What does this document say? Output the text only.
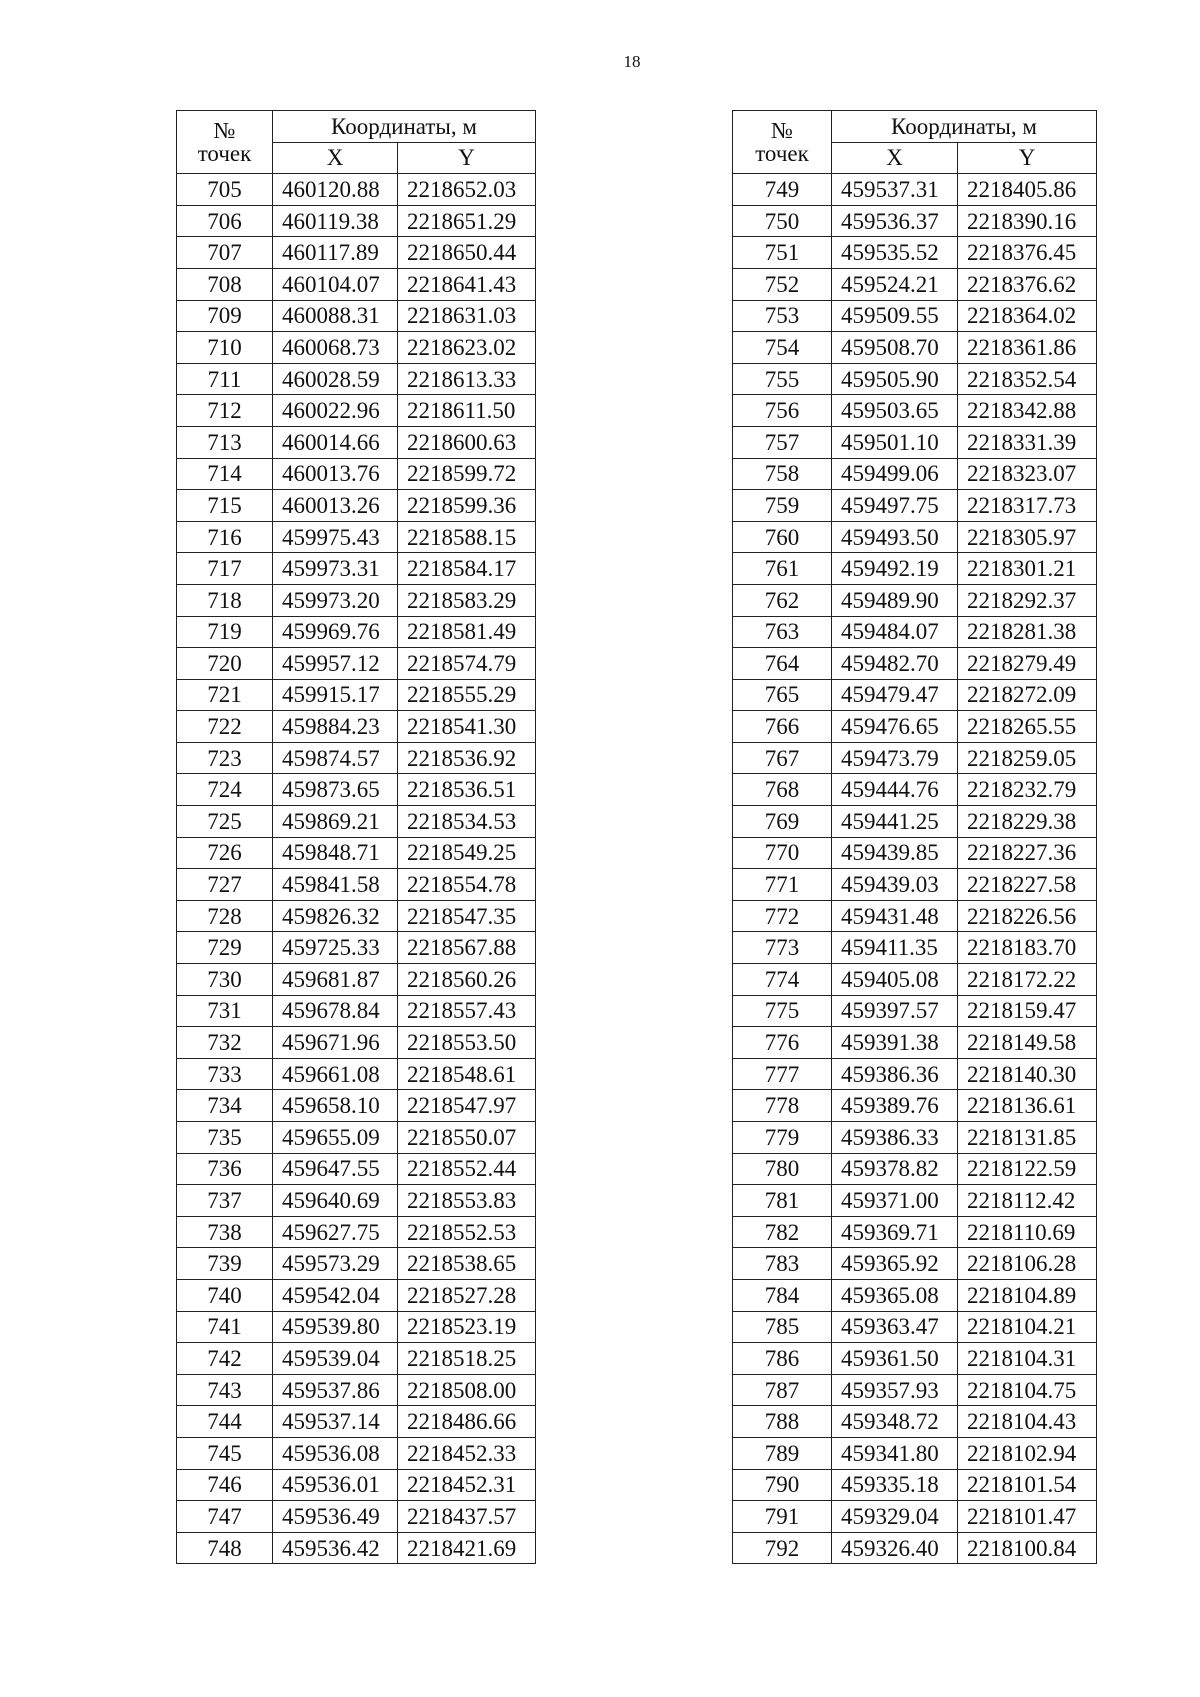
18
№
точек	Координаты, м	
	X	Y
705	460120.88	2218652.03
706	460119.38	2218651.29
707	460117.89	2218650.44
708	460104.07	2218641.43
709	460088.31	2218631.03
710	460068.73	2218623.02
711	460028.59	2218613.33
712	460022.96	2218611.50
713	460014.66	2218600.63
714	460013.76	2218599.72
715	460013.26	2218599.36
716	459975.43	2218588.15
717	459973.31	2218584.17
718	459973.20	2218583.29
719	459969.76	2218581.49
720	459957.12	2218574.79
721	459915.17	2218555.29
722	459884.23	2218541.30
723	459874.57	2218536.92
724	459873.65	2218536.51
725	459869.21	2218534.53
726	459848.71	2218549.25
727	459841.58	2218554.78
728	459826.32	2218547.35
729	459725.33	2218567.88
730	459681.87	2218560.26
731	459678.84	2218557.43
732	459671.96	2218553.50
733	459661.08	2218548.61
734	459658.10	2218547.97
735	459655.09	2218550.07
736	459647.55	2218552.44
737	459640.69	2218553.83
738	459627.75	2218552.53
739	459573.29	2218538.65
740	459542.04	2218527.28
741	459539.80	2218523.19
742	459539.04	2218518.25
743	459537.86	2218508.00
744	459537.14	2218486.66
745	459536.08	2218452.33
746	459536.01	2218452.31
747	459536.49	2218437.57
748	459536.42	2218421.69
№
точек	Координаты, м	
	X	Y
749	459537.31	2218405.86
750	459536.37	2218390.16
751	459535.52	2218376.45
752	459524.21	2218376.62
753	459509.55	2218364.02
754	459508.70	2218361.86
755	459505.90	2218352.54
756	459503.65	2218342.88
757	459501.10	2218331.39
758	459499.06	2218323.07
759	459497.75	2218317.73
760	459493.50	2218305.97
761	459492.19	2218301.21
762	459489.90	2218292.37
763	459484.07	2218281.38
764	459482.70	2218279.49
765	459479.47	2218272.09
766	459476.65	2218265.55
767	459473.79	2218259.05
768	459444.76	2218232.79
769	459441.25	2218229.38
770	459439.85	2218227.36
771	459439.03	2218227.58
772	459431.48	2218226.56
773	459411.35	2218183.70
774	459405.08	2218172.22
775	459397.57	2218159.47
776	459391.38	2218149.58
777	459386.36	2218140.30
778	459389.76	2218136.61
779	459386.33	2218131.85
780	459378.82	2218122.59
781	459371.00	2218112.42
782	459369.71	2218110.69
783	459365.92	2218106.28
784	459365.08	2218104.89
785	459363.47	2218104.21
786	459361.50	2218104.31
787	459357.93	2218104.75
788	459348.72	2218104.43
789	459341.80	2218102.94
790	459335.18	2218101.54
791	459329.04	2218101.47
792	459326.40	2218100.84
